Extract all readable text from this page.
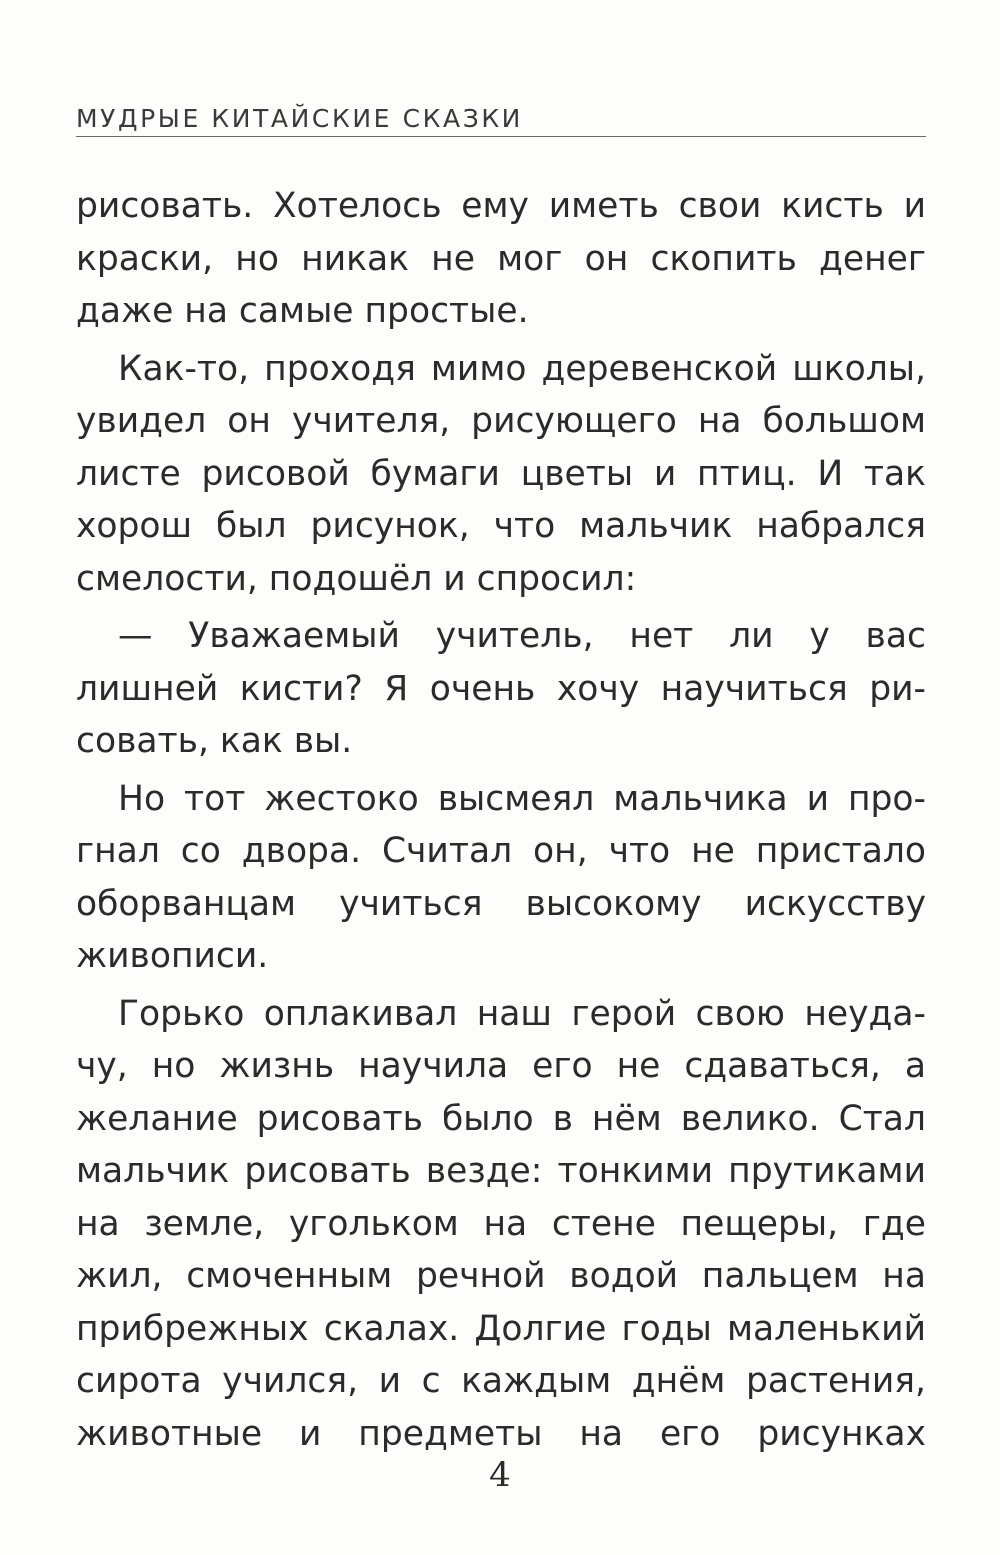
МУДРЫЕ КИТАЙСКИЕ СКАЗКИ
рисовать. Хотелось ему иметь свои кисть и
краски, но никак не мог он скопить денег
даже на самые простые.
Как-то, проходя мимо деревенской школы,
увидел он учителя, рисующего на большом
листе рисовой бумаги цветы и птиц. И так
хорош был рисунок, что мальчик набрался
смелости, подошёл и спросил:
— Уважаемый учитель, нет ли у вас
лишней кисти? Я очень хочу научиться ри-
совать, как вы.
Но тот жестоко высмеял мальчика и про-
гнал со двора. Считал он, что не пристало
оборванцам учиться высокому искусству
живописи.
Горько оплакивал наш герой свою неуда-
чу, но жизнь научила его не сдаваться, а
желание рисовать было в нём велико. Стал
мальчик рисовать везде: тонкими прутиками
на земле, угольком на стене пещеры, где
жил, смоченным речной водой пальцем на
прибрежных скалах. Долгие годы маленький
сирота учился, и с каждым днём растения,
животные и предметы на его рисунках
4
